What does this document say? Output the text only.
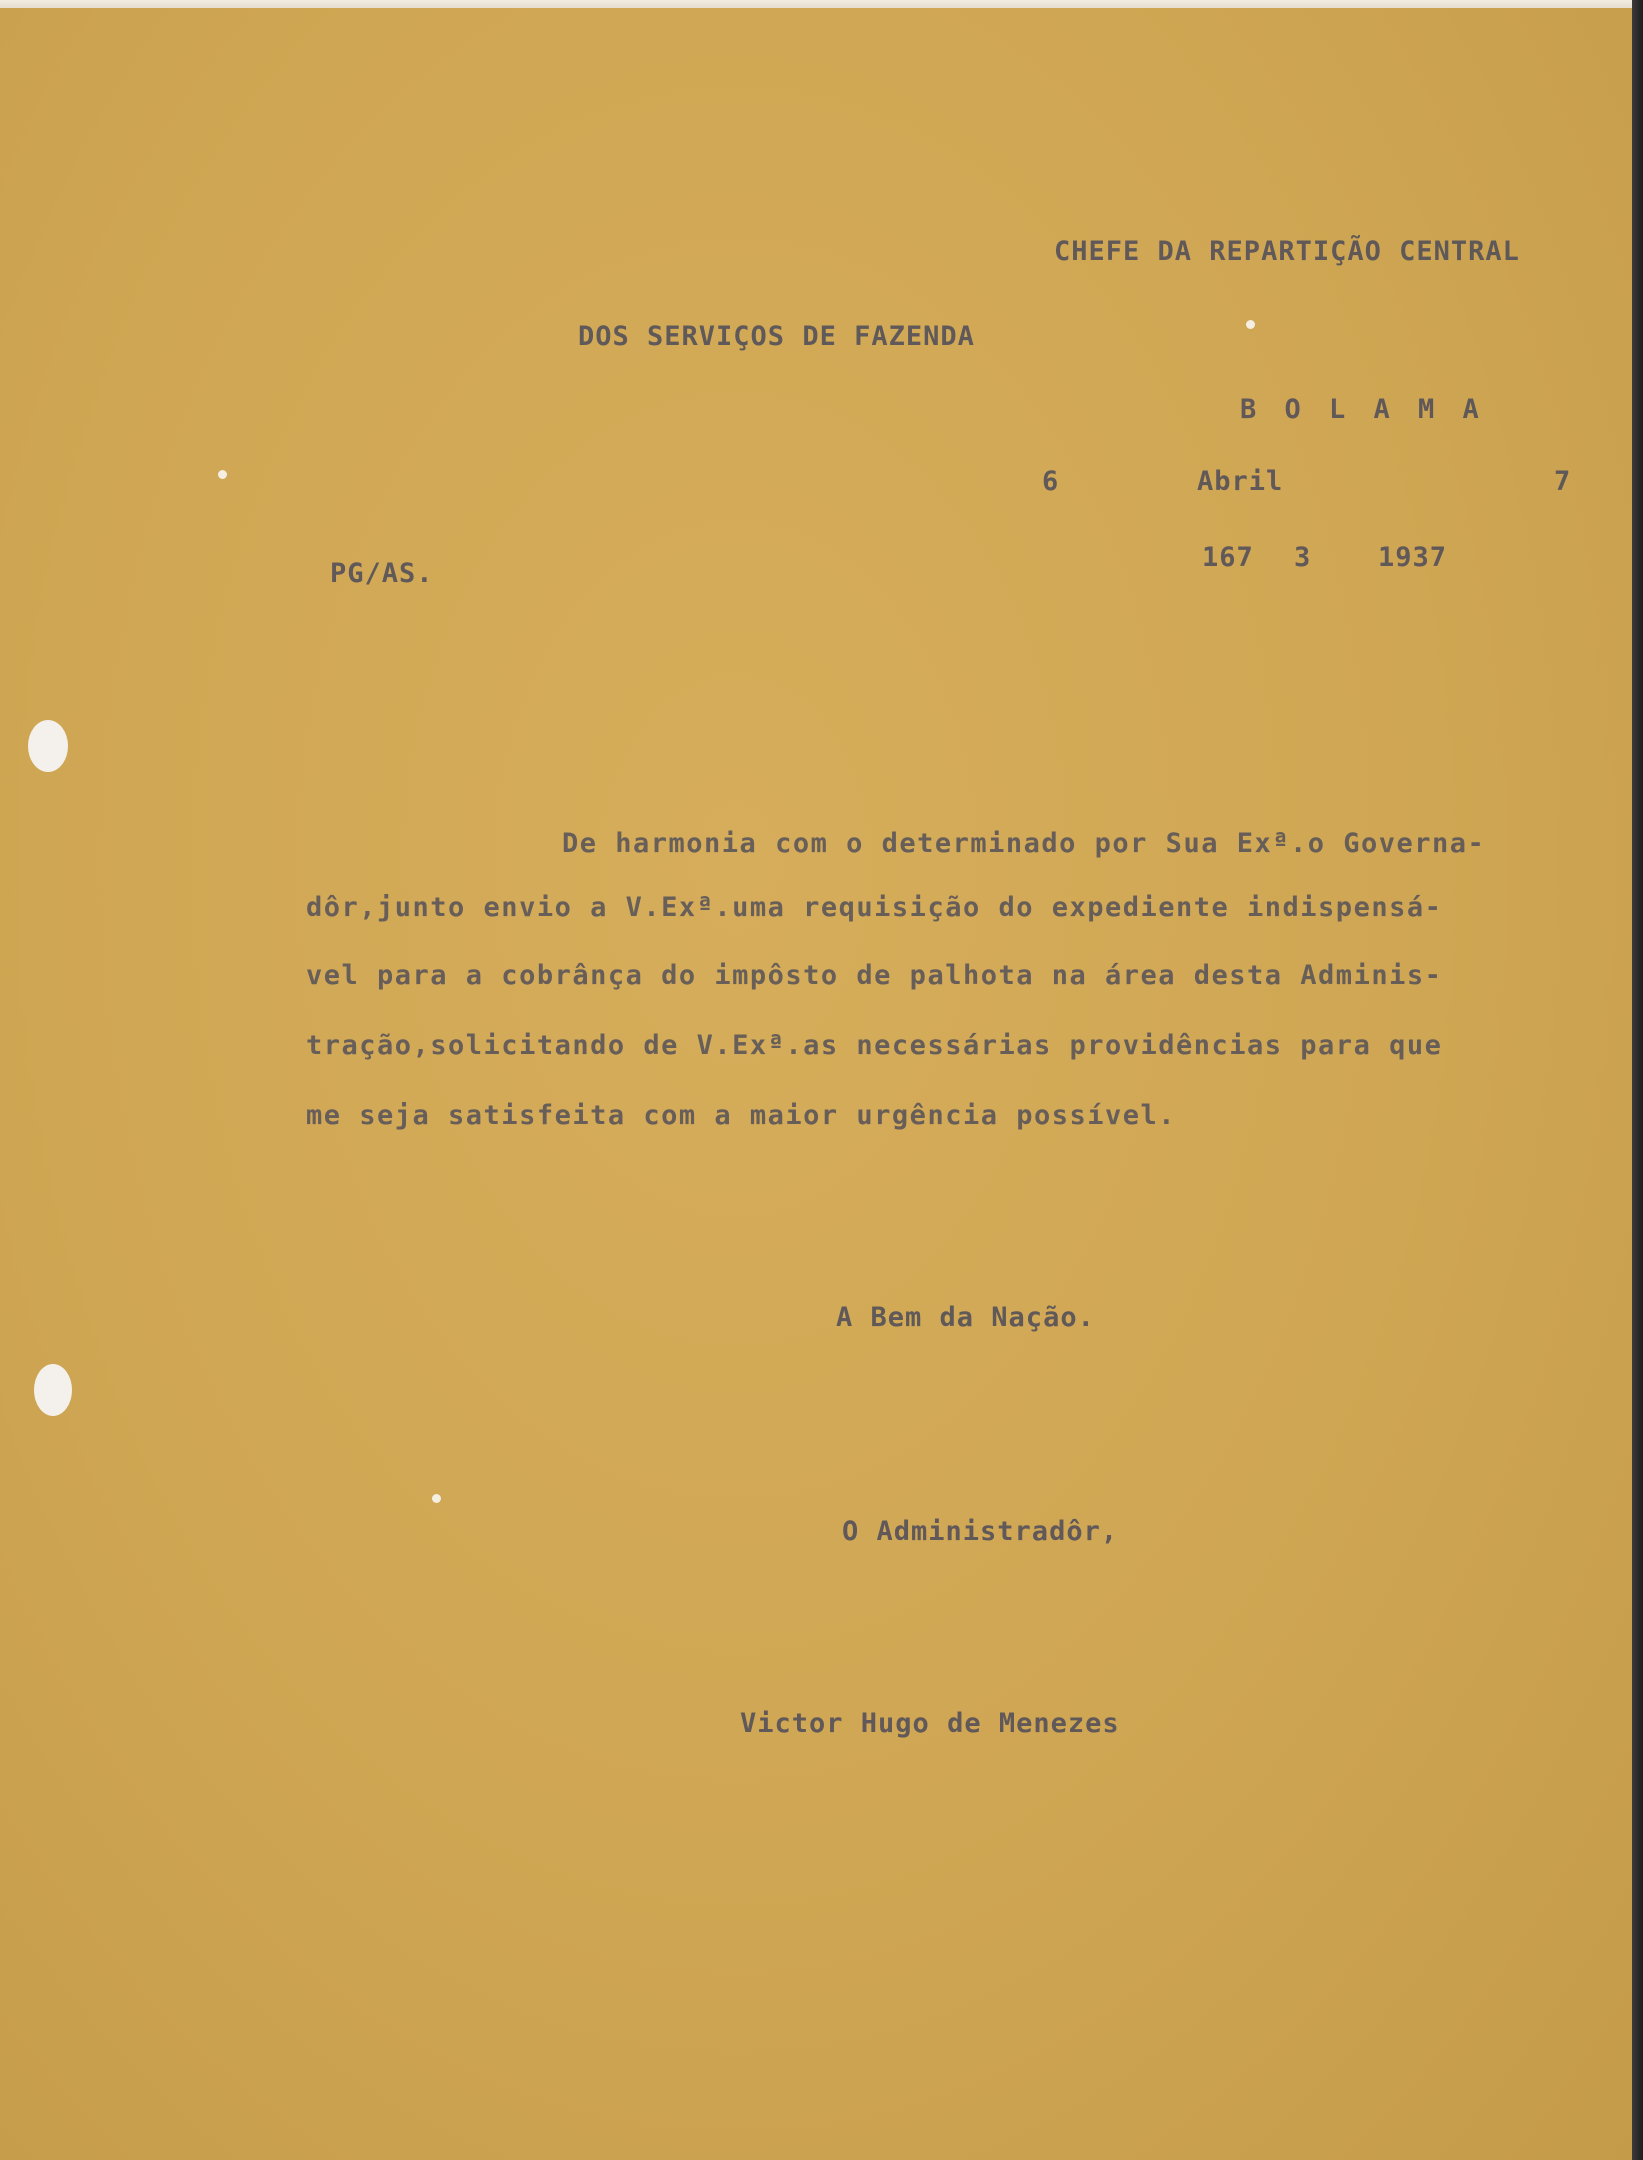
CHEFE DA REPARTIÇÃO CENTRAL
DOS SERVIÇOS DE FAZENDA
B O L A M A
6	Abril	7
PG/AS.
167 3 1937
De harmonia com o determinado por Sua Exª.o Governa-
dôr,junto envio a V.Exª.uma requisição do expediente indispensá-
vel para a cobrânça do impôsto de palhota na área desta Adminis-
tração,solicitando de V.Exª.as necessárias providências para que
me seja satisfeita com a maior urgência possível.
A Bem da Nação.
O Administradôr,
Victor Hugo de Menezes
